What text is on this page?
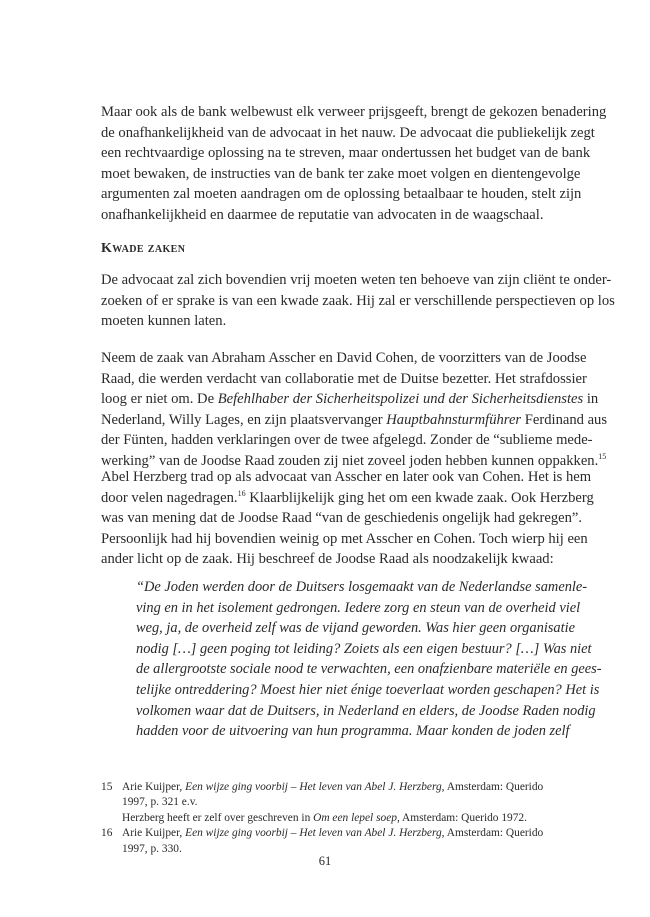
Maar ook als de bank welbewust elk verweer prijsgeeft, brengt de gekozen benadering
de onafhankelijkheid van de advocaat in het nauw. De advocaat die publiekelijk zegt
een rechtvaardige oplossing na te streven, maar ondertussen het budget van de bank
moet bewaken, de instructies van de bank ter zake moet volgen en dientengevolge
argumenten zal moeten aandragen om de oplossing betaalbaar te houden, stelt zijn
onafhankelijkheid en daarmee de reputatie van advocaten in de waagschaal.
Kwade zaken
De advocaat zal zich bovendien vrij moeten weten ten behoeve van zijn cliënt te onder-
zoeken of er sprake is van een kwade zaak. Hij zal er verschillende perspectieven op los
moeten kunnen laten.
Neem de zaak van Abraham Asscher en David Cohen, de voorzitters van de Joodse
Raad, die werden verdacht van collaboratie met de Duitse bezetter. Het strafdossier
loog er niet om. De Befehlhaber der Sicherheitspolizei und der Sicherheitsdienstes in
Nederland, Willy Lages, en zijn plaatsvervanger Hauptbahnsturmführer Ferdinand aus
der Fünten, hadden verklaringen over de twee afgelegd. Zonder de “sublieme mede-
werking” van de Joodse Raad zouden zij niet zoveel joden hebben kunnen oppakken.$^{15}$
Abel Herzberg trad op als advocaat van Asscher en later ook van Cohen. Het is hem
door velen nagedragen.$^{16}$ Klaarblijkelijk ging het om een kwade zaak. Ook Herzberg
was van mening dat de Joodse Raad “van de geschiedenis ongelijk had gekregen”.
Persoonlijk had hij bovendien weinig op met Asscher en Cohen. Toch wierp hij een
ander licht op de zaak. Hij beschreef de Joodse Raad als noodzakelijk kwaad:
“De Joden werden door de Duitsers losgemaakt van de Nederlandse samenle-
ving en in het isolement gedrongen. Iedere zorg en steun van de overheid viel
weg, ja, de overheid zelf was de vijand geworden. Was hier geen organisatie
nodig […] geen poging tot leiding? Zoiets als een eigen bestuur? […] Was niet
de allergrootste sociale nood te verwachten, een onafzienbare materiële en gees-
telijke ontreddering? Moest hier niet énige toeverlaat worden geschapen? Het is
volkomen waar dat de Duitsers, in Nederland en elders, de Joodse Raden nodig
hadden voor de uitvoering van hun programma. Maar konden de joden zelf
15 Arie Kuijper, Een wijze ging voorbij – Het leven van Abel J. Herzberg, Amsterdam: Querido 1997, p. 321 e.v.
Herzberg heeft er zelf over geschreven in Om een lepel soep, Amsterdam: Querido 1972.
16 Arie Kuijper, Een wijze ging voorbij – Het leven van Abel J. Herzberg, Amsterdam: Querido 1997, p. 330.
61
